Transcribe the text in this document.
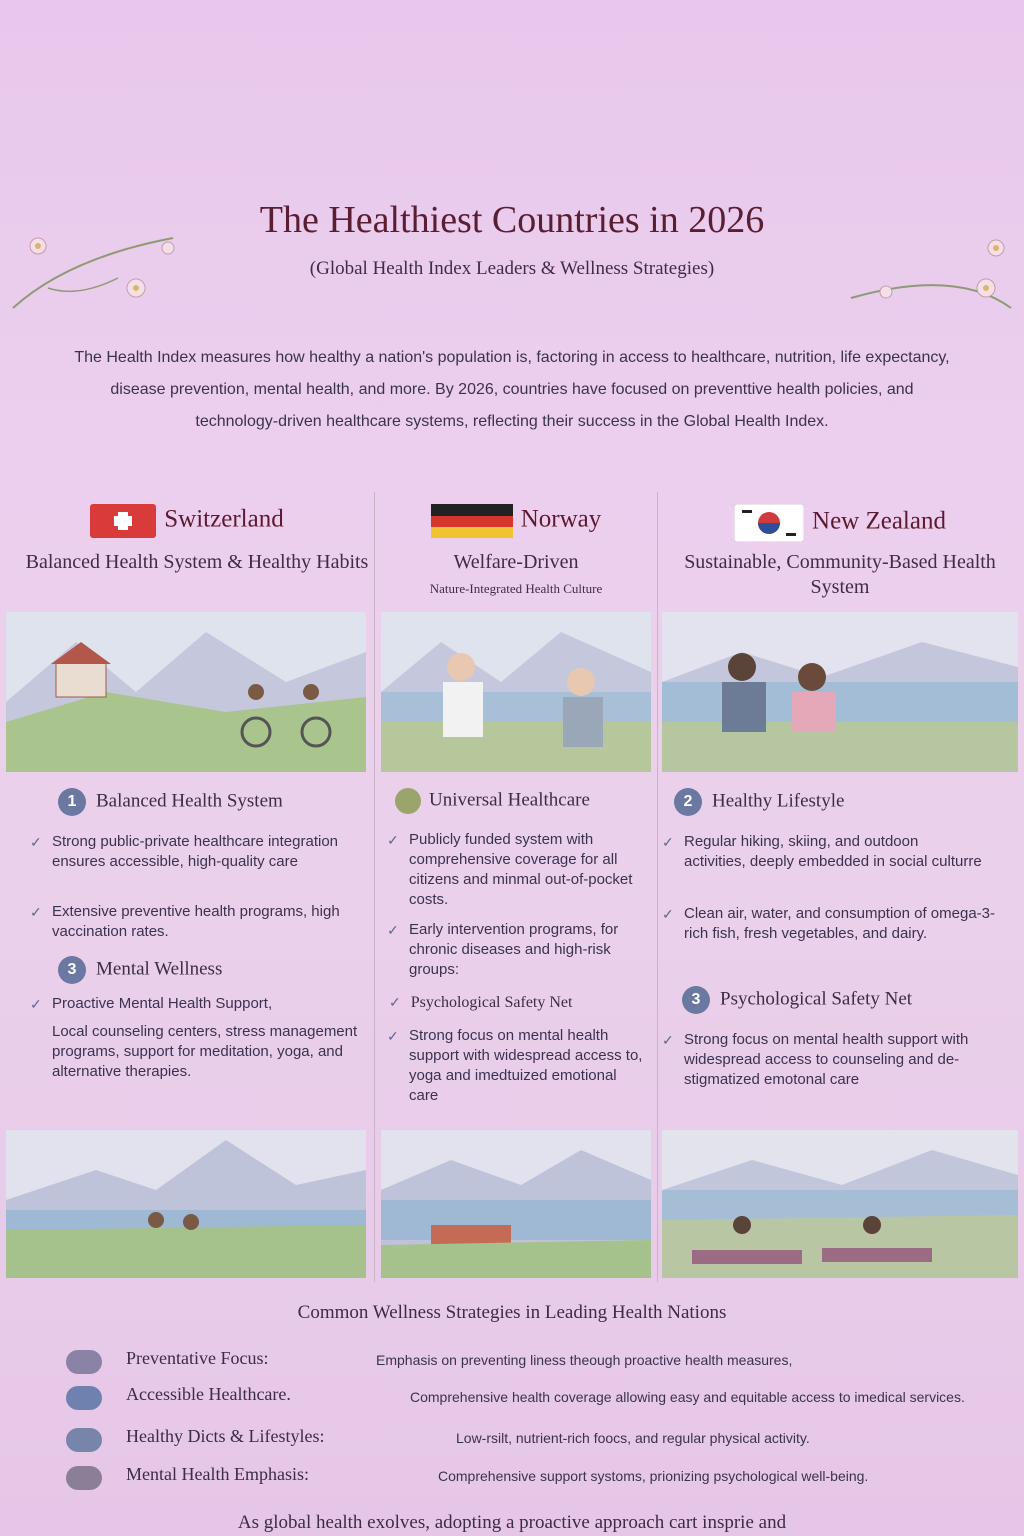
The Healthiest Countries in 2026
(Global Health Index Leaders & Wellness Strategies)
The Health Index measures how healthy a nation's population is, factoring in access to healthcare, nutrition, life expectancy, disease prevention, mental health, and more. By 2026, countries have focused on preventtive health policies, and technology-driven healthcare systems, reflecting their success in the Global Health Index.
Switzerland
Balanced Health System & Healthy Habits
1 Balanced Health System
✓ Strong public-private healthcare integration ensures accessible, high-quality care
✓ Extensive preventive health programs, high vaccination rates.
3 Mental Wellness
✓ Proactive Mental Health Support,
Local counseling centers, stress management programs, support for meditation, yoga, and alternative therapies.
Norway
Welfare-Driven
Nature-Integrated Health Culture
Universal Healthcare
✓ Publicly funded system with comprehensive coverage for all citizens and minmal out-of-pocket costs.
✓ Early intervention programs, for chronic diseases and high-risk groups:
✓ Psychological Safety Net
✓ Strong focus on mental health support with widespread access to, yoga and imedtuized emotional care
New Zealand
Sustainable, Community-Based Health System
2 Healthy Lifestyle
✓ Regular hiking, skiing, and outdoon activities, deeply embedded in social culturre
✓ Clean air, water, and consumption of omega-3-rich fish, fresh vegetables, and dairy.
3 Psychological Safety Net
✓ Strong focus on mental health support with widespread access to counseling and de-stigmatized emotonal care
Common Wellness Strategies in Leading Health Nations
Preventative Focus:	Emphasis on preventing liness theough proactive health measures,
Accessible Healthcare.	Comprehensive health coverage allowing easy and equitable access to imedical services.
Healthy Dicts & Lifestyles:	Low-rsilt, nutrient-rich foocs, and regular physical activity.
Mental Health Emphasis:	Comprehensive support systoms, prionizing psychological well-being.
As global health exolves, adopting a proactive approach cart insprie and
